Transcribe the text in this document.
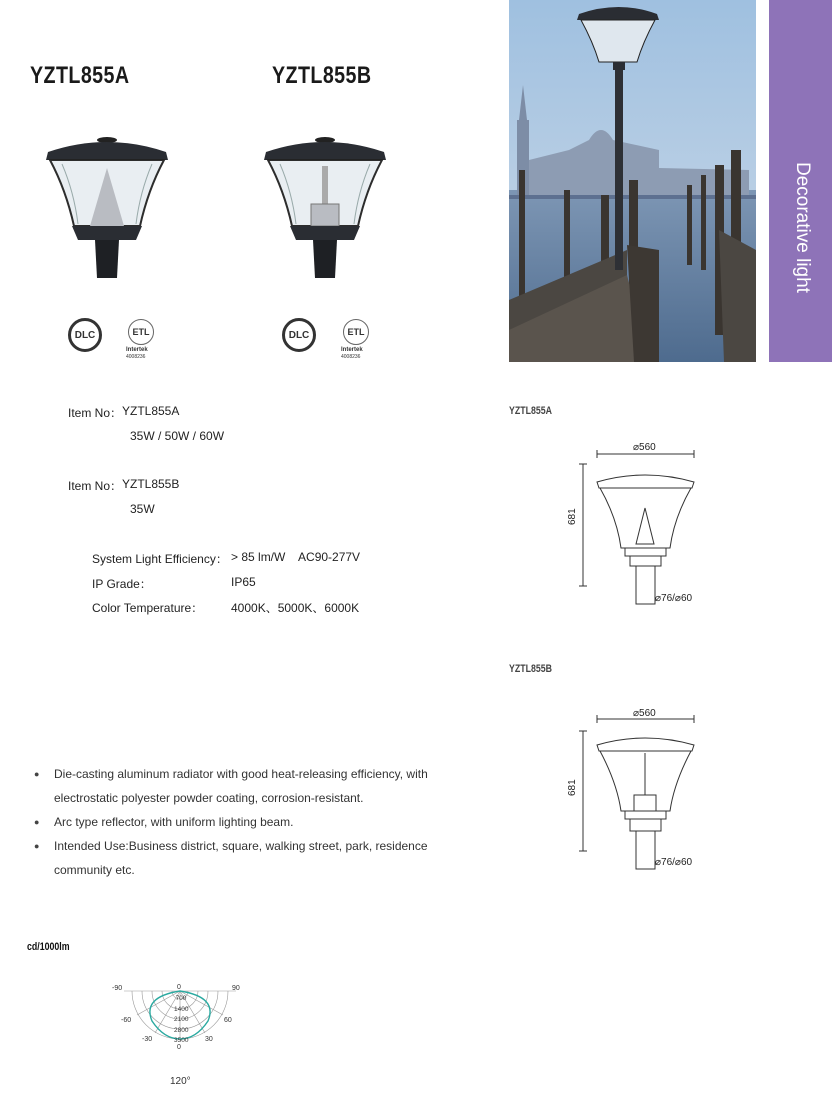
YZTL855A	YZTL855B
DLC	ETL
Intertek
4008236
DLC	ETL
Intertek
4008236
Decorative light
Item No： YZTL855A
35W / 50W / 60W
Item No： YZTL855B
35W
System Light Efficiency： > 85 lm/W    AC90-277V
IP Grade：	IP65
Color Temperature： 4000K、5000K、6000K
● Die-casting aluminum radiator with good heat-releasing efficiency, with electrostatic polyester powder coating, corrosion-resistant.
● Arc type reflector, with uniform lighting beam.
● Intended Use:Business district, square, walking street, park, residence community etc.
YZTL855A
⌀560
681
⌀76/⌀60
YZTL855B
⌀560
681
⌀76/⌀60
cd/1000lm
-90	0	90
-60	60
-30	30
700
1400
2100
2800
3500
0
120°
